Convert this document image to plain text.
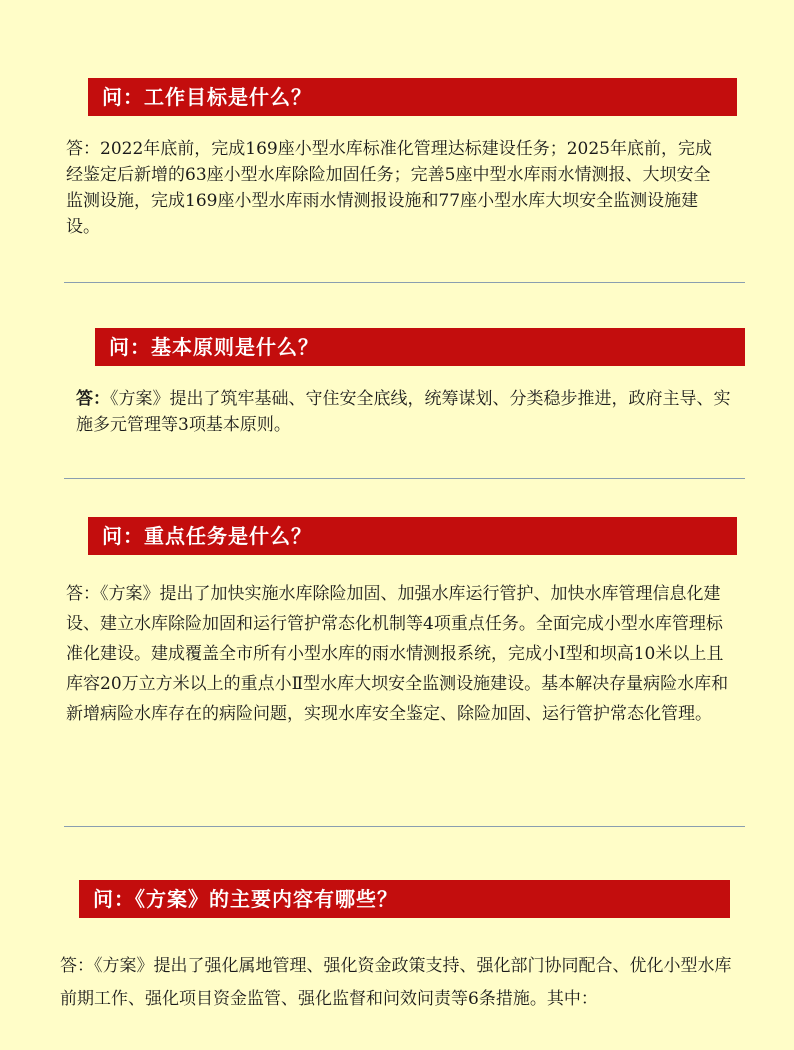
问：工作目标是什么？

答：2022年底前，完成169座小型水库标准化管理达标建设任务；2025年底前，完成经鉴定后新增的63座小型水库除险加固任务；完善5座中型水库雨水情测报、大坝安全监测设施，完成169座小型水库雨水情测报设施和77座小型水库大坝安全监测设施建设。

问：基本原则是什么？

答：《方案》提出了筑牢基础、守住安全底线，统筹谋划、分类稳步推进，政府主导、实施多元管理等3项基本原则。

问：重点任务是什么？

答：《方案》提出了加快实施水库除险加固、加强水库运行管护、加快水库管理信息化建设、建立水库除险加固和运行管护常态化机制等4项重点任务。全面完成小型水库管理标准化建设。建成覆盖全市所有小型水库的雨水情测报系统，完成小I型和坝高10米以上且库容20万立方米以上的重点小Ⅱ型水库大坝安全监测设施建设。基本解决存量病险水库和新增病险水库存在的病险问题，实现水库安全鉴定、除险加固、运行管护常态化管理。

问：《方案》的主要内容有哪些？

答：《方案》提出了强化属地管理、强化资金政策支持、强化部门协同配合、优化小型水库前期工作、强化项目资金监管、强化监督和问效问责等6条措施。其中：
